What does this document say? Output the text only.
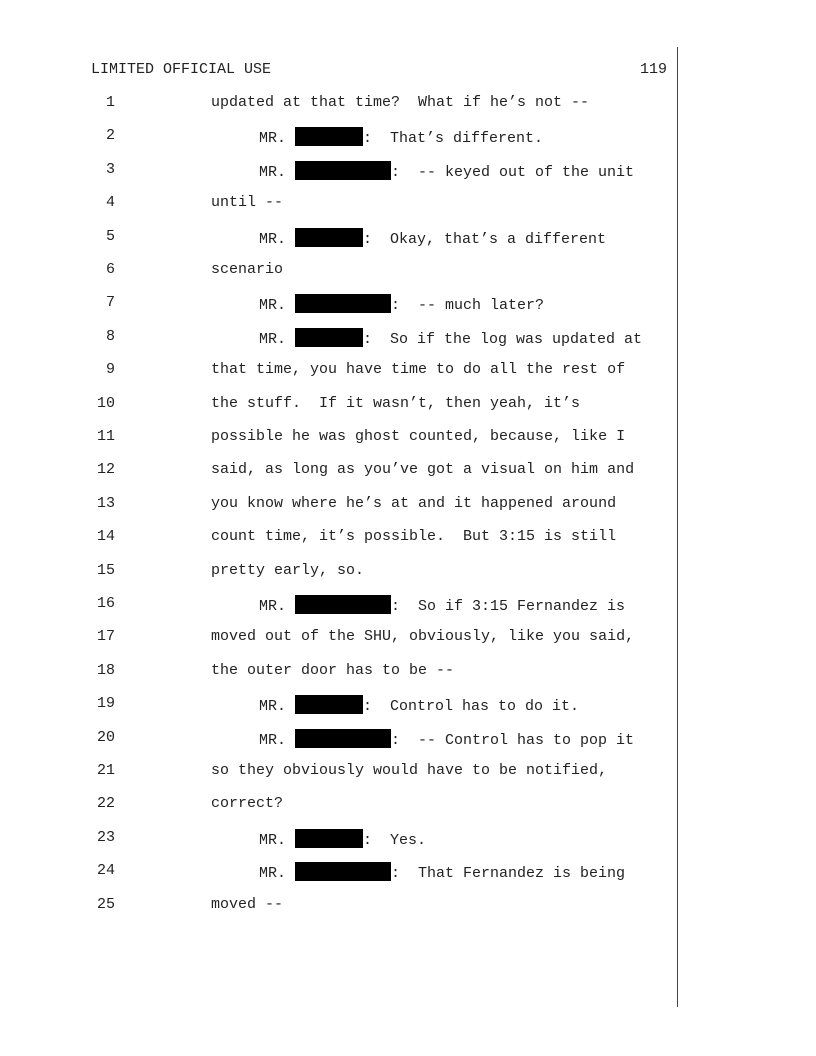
LIMITED OFFICIAL USE	119
1	updated at that time?  What if he’s not --
2	MR.	:  That’s different.
3	MR.	:  -- keyed out of the unit
4	until --
5	MR.	:  Okay, that’s a different
6	scenario
7	MR.	:  -- much later?
8	MR.	:  So if the log was updated at
9	that time, you have time to do all the rest of
10	the stuff.  If it wasn’t, then yeah, it’s
11	possible he was ghost counted, because, like I
12	said, as long as you’ve got a visual on him and
13	you know where he’s at and it happened around
14	count time, it’s possible.  But 3:15 is still
15	pretty early, so.
16	MR.	:  So if 3:15 Fernandez is
17	moved out of the SHU, obviously, like you said,
18	the outer door has to be --
19	MR.	:  Control has to do it.
20	MR.	:  -- Control has to pop it
21	so they obviously would have to be notified,
22	correct?
23	MR.	:  Yes.
24	MR.	:  That Fernandez is being
25	moved --
